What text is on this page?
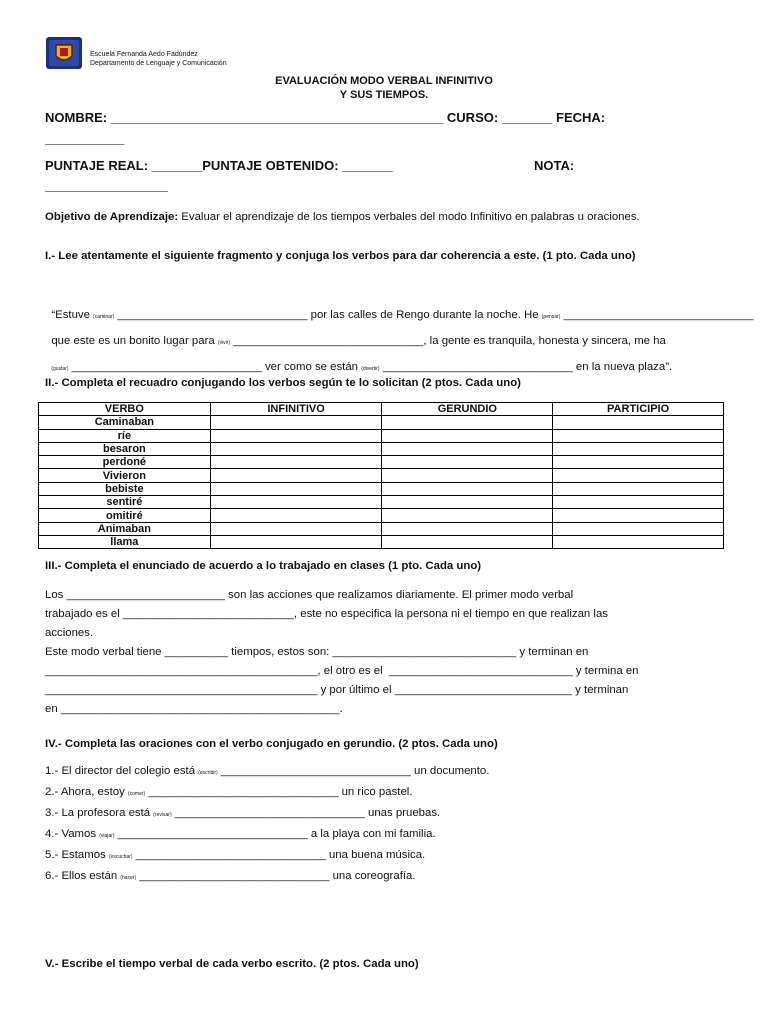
Escuela Fernanda Aedo Fadúndez
Departamento de Lenguaje y Comunicación
EVALUACIÓN MODO VERBAL INFINITIVO
Y SUS TIEMPOS.
NOMBRE: ______________________________________________ CURSO: _______ FECHA:
___________
PUNTAJE REAL: _______PUNTAJE OBTENIDO: _______	NOTA:
_________________
Objetivo de Aprendizaje: Evaluar el aprendizaje de los tiempos verbales del modo Infinitivo en palabras u oraciones.
I.- Lee atentamente el siguiente fragmento y conjuga los verbos para dar coherencia a este. (1 pto. Cada uno)

“Estuve (caminar) ______________________________ por las calles de Rengo durante la noche. He (pensar) ______________________________

que este es un bonito lugar para (vivir) ______________________________, la gente es tranquila, honesta y sincera, me ha

(gustar) ______________________________ ver como se están (divertir) ______________________________ en la nueva plaza”.

II.- Completa el recuadro conjugando los verbos según te lo solicitan (2 ptos. Cada uno)
VERBO	INFINITIVO	GERUNDIO	PARTICIPIO
Caminaban			
ríe			
besaron			
perdoné			
Vivieron			
bebiste			
sentiré			
omitiré			
Animaban			
llama			
III.- Completa el enunciado de acuerdo a lo trabajado en clases (1 pto. Cada uno)
Los _________________________ son las acciones que realizamos diariamente. El primer modo verbal
trabajado es el ___________________________, este no especifica la persona ni el tiempo en que realizan las
acciones.
Este modo verbal tiene __________ tiempos, estos son: _____________________________ y terminan en
___________________________________________, el otro es el  _____________________________ y termina en
___________________________________________ y por último el ____________________________ y terminan
en ____________________________________________.
IV.- Completa las oraciones con el verbo conjugado en gerundio. (2 ptos. Cada uno)
1.- El director del colegio está (escribir) ______________________________ un documento.
2.- Ahora, estoy (comer) ______________________________ un rico pastel.
3.- La profesora está (revisar) ______________________________ unas pruebas.
4.- Vamos (viajar) ______________________________ a la playa con mi familia.
5.- Estamos (escuchar) ______________________________ una buena música.
6.- Ellos están (hacer) ______________________________ una coreografía.
V.- Escribe el tiempo verbal de cada verbo escrito. (2 ptos. Cada uno)
